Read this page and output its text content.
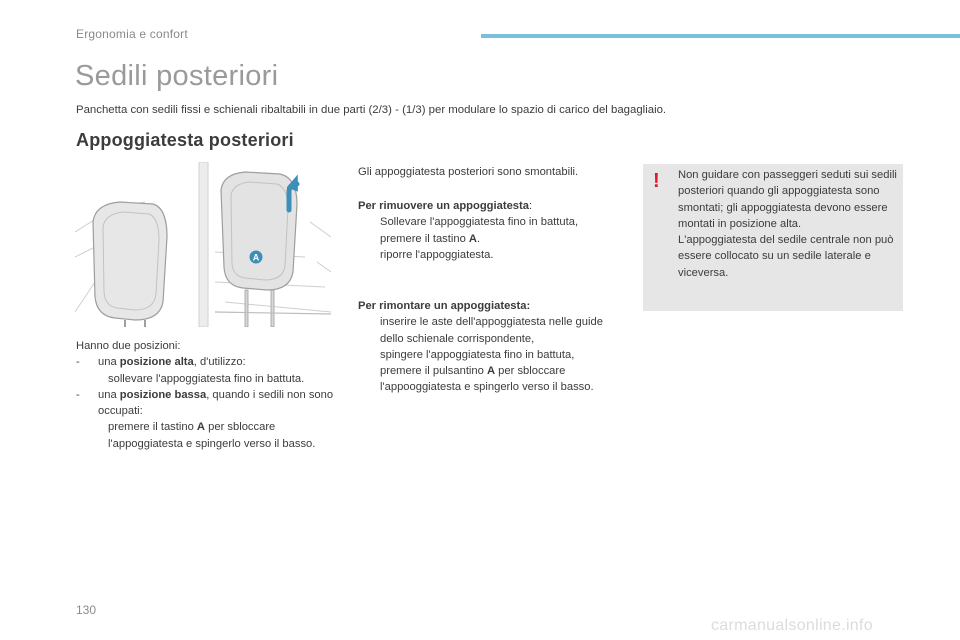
Ergonomia e confort
Sedili posteriori
Panchetta con sedili fissi e schienali ribaltabili in due parti (2/3) - (1/3) per modulare lo spazio di carico del bagagliaio.
Appoggiatesta posteriori
A

Hanno due posizioni:

-	una posizione alta, d'utilizzo:
sollevare l'appoggiatesta fino in battuta.
-	una posizione bassa, quando i sedili non sono occupati:
premere il tastino A per sbloccare l'appoggiatesta e spingerlo verso il basso.
Gli appoggiatesta posteriori sono smontabili.

Per rimuovere un appoggiatesta:

Sollevare l'appoggiatesta fino in battuta,
premere il tastino A.
riporre l'appoggiatesta.

Per rimontare un appoggiatesta:

inserire le aste dell'appoggiatesta nelle guide dello schienale corrispondente,
spingere l'appoggiatesta fino in battuta,
premere il pulsantino A per sbloccare l'appooggiatesta e spingerlo verso il basso.
! Non guidare con passeggeri seduti sui sedili posteriori quando gli appoggiatesta sono smontati; gli appoggiatesta devono essere montati in posizione alta.

L'appoggiatesta del sedile centrale non può essere collocato su un sedile laterale e viceversa.

130
carmanualsonline.info
